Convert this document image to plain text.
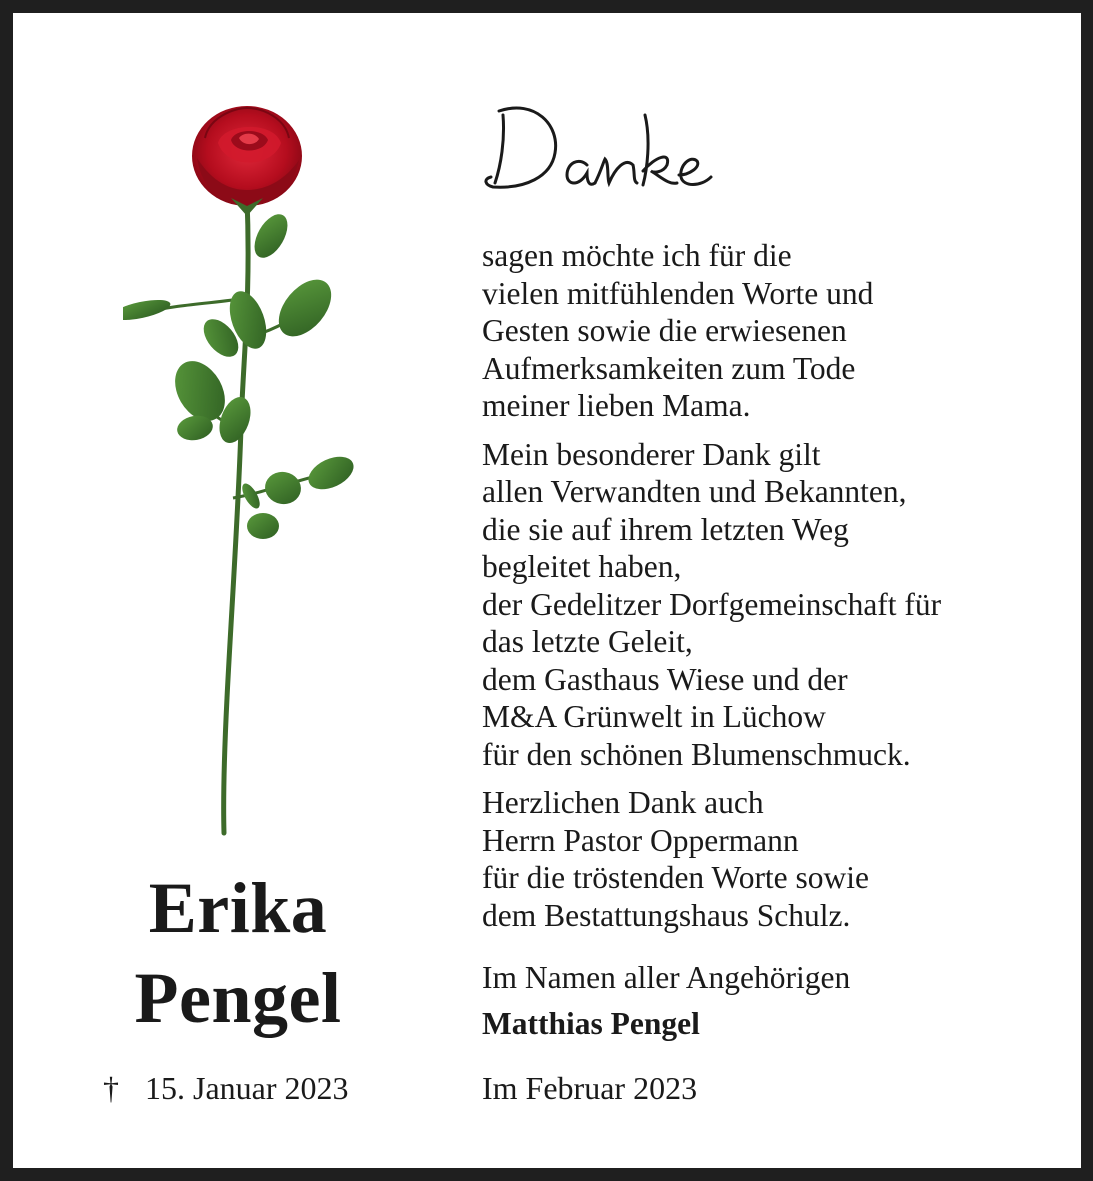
Danke
Erika
Pengel
† 15. Januar 2023

sagen möchte ich für die
vielen mitfühlenden Worte und
Gesten sowie die erwiesenen
Aufmerksamkeiten zum Tode
meiner lieben Mama.

Mein besonderer Dank gilt
allen Verwandten und Bekannten,
die sie auf ihrem letzten Weg
begleitet haben,
der Gedelitzer Dorfgemeinschaft für
das letzte Geleit,
dem Gasthaus Wiese und der
M&A Grünwelt in Lüchow
für den schönen Blumenschmuck.

Herzlichen Dank auch
Herrn Pastor Oppermann
für die tröstenden Worte sowie
dem Bestattungshaus Schulz.

Im Namen aller Angehörigen
Matthias Pengel
Im Februar 2023
